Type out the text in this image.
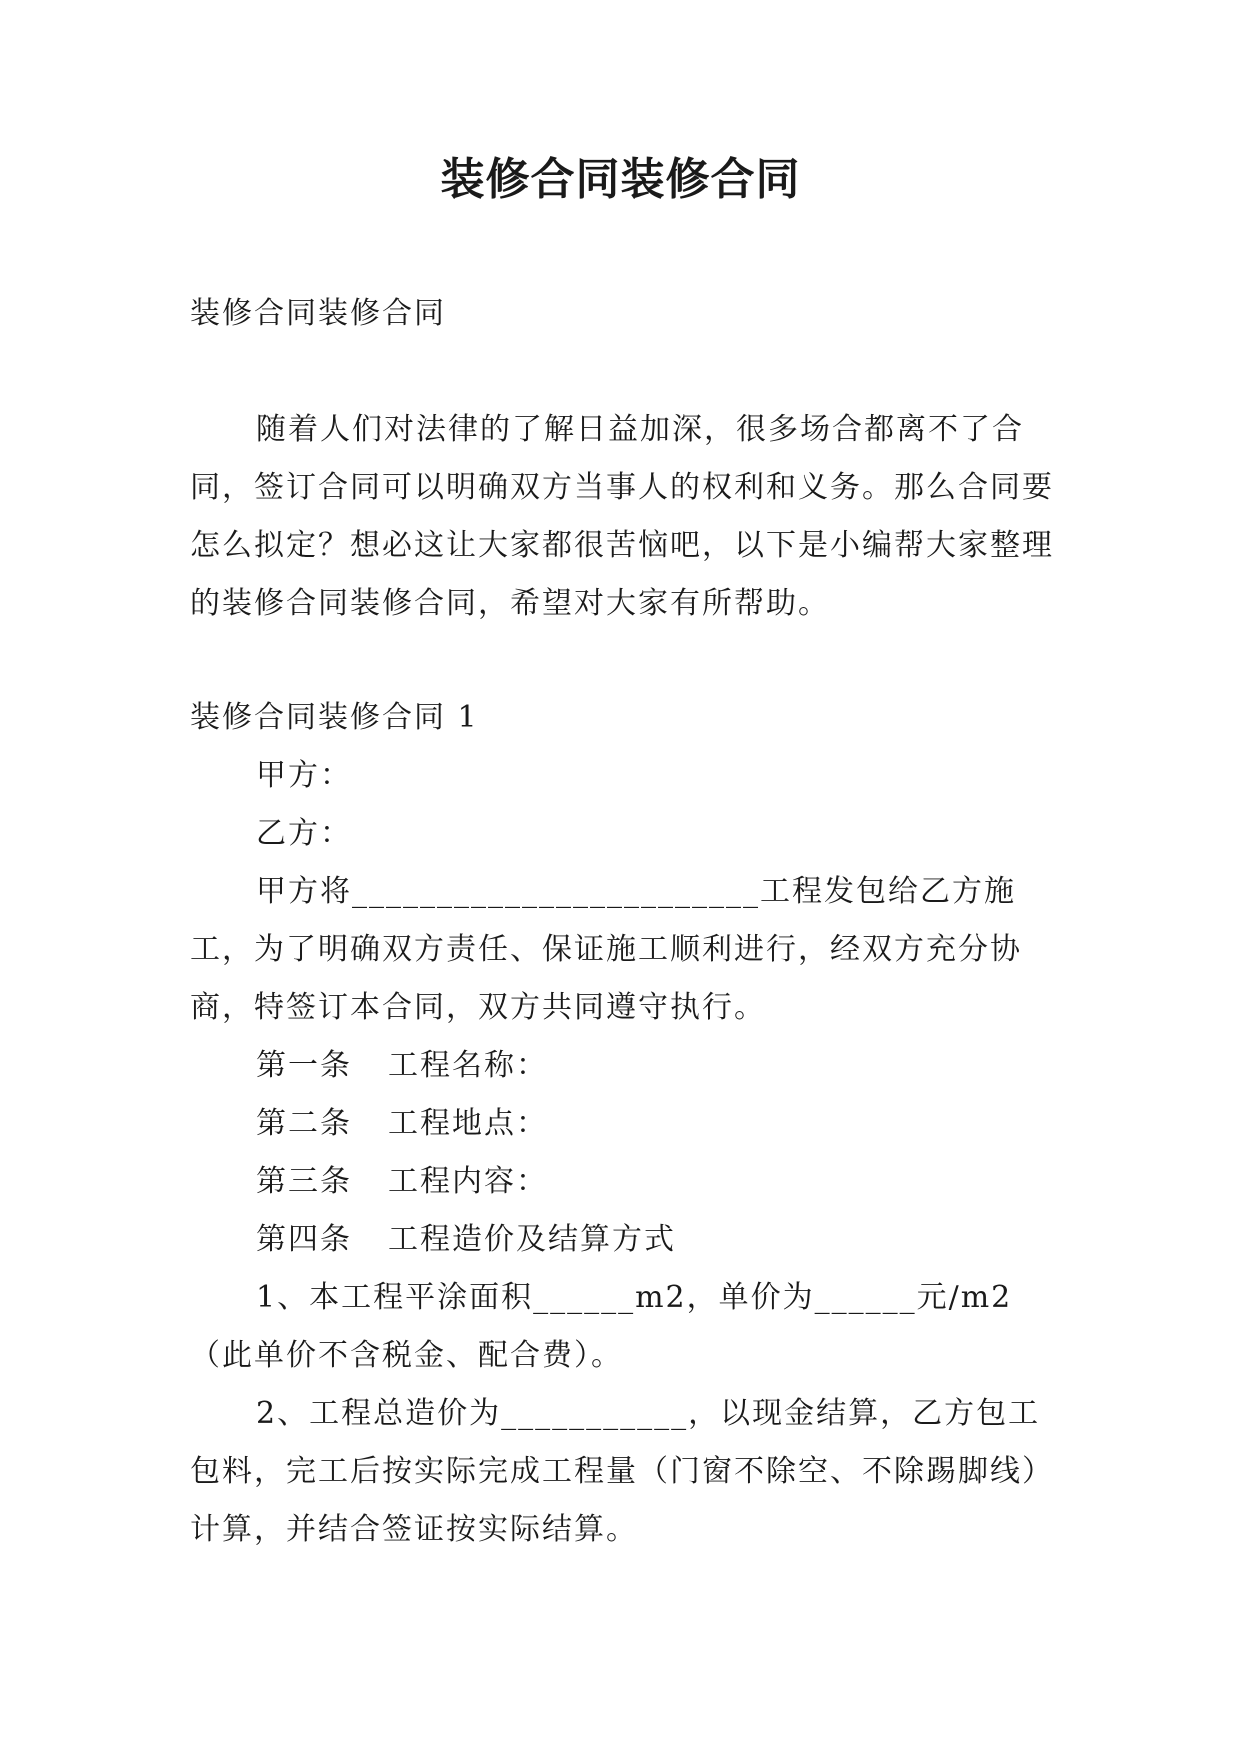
装修合同装修合同

装修合同装修合同

随着人们对法律的了解日益加深，很多场合都离不了合同，签订合同可以明确双方当事人的权利和义务。那么合同要怎么拟定？想必这让大家都很苦恼吧，以下是小编帮大家整理的装修合同装修合同，希望对大家有所帮助。

装修合同装修合同 1

甲方：

乙方：

甲方将________________________工程发包给乙方施工，为了明确双方责任、保证施工顺利进行，经双方充分协商，特签订本合同，双方共同遵守执行。

第一条 工程名称：

第二条 工程地点：

第三条 工程内容：

第四条 工程造价及结算方式

1、本工程平涂面积______m2，单价为______元/m2（此单价不含税金、配合费）。

2、工程总造价为___________，以现金结算，乙方包工包料，完工后按实际完成工程量（门窗不除空、不除踢脚线）计算，并结合签证按实际结算。
